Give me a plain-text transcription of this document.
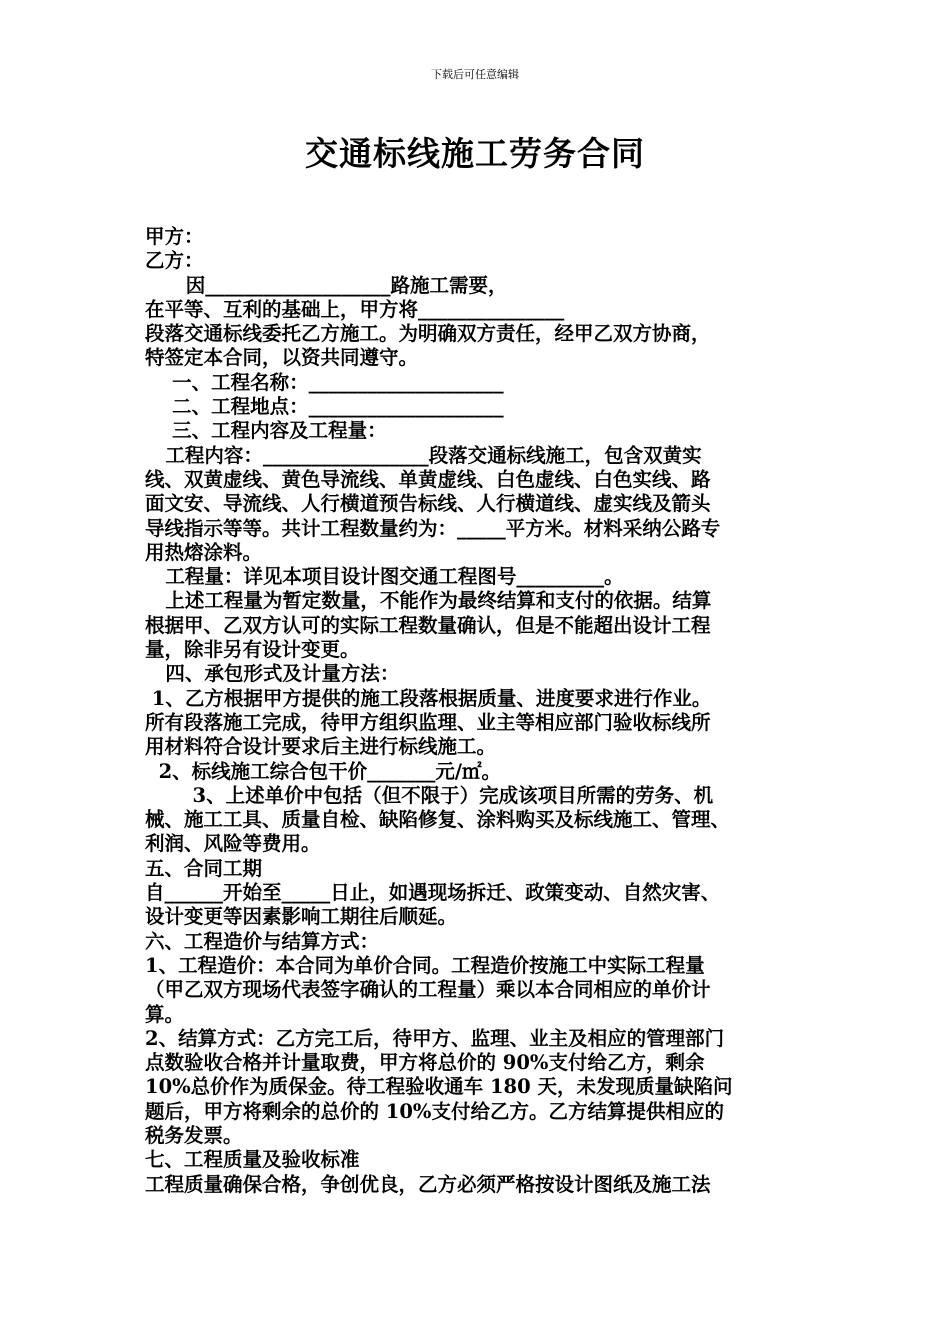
下载后可任意编辑
交通标线施工劳务合同

甲方：

乙方：

因___________________路施工需要，

在平等、互利的基础上，甲方将_______________

段落交通标线委托乙方施工。为明确双方责任，经甲乙双方协商，

特签定本合同，以资共同遵守。

一、工程名称：____________________

二、工程地点：____________________

三、工程内容及工程量：

工程内容：_________________段落交通标线施工，包含双黄实

线、双黄虚线、黄色导流线、单黄虚线、白色虚线、白色实线、路

面文安、导流线、人行横道预告标线、人行横道线、虚实线及箭头

导线指示等等。共计工程数量约为：_____平方米。材料采纳公路专

用热熔涂料。

工程量：详见本项目设计图交通工程图号_________。

上述工程量为暂定数量，不能作为最终结算和支付的依据。结算

根据甲、乙双方认可的实际工程数量确认，但是不能超出设计工程

量，除非另有设计变更。

四、承包形式及计量方法：

1、乙方根据甲方提供的施工段落根据质量、进度要求进行作业。

所有段落施工完成，待甲方组织监理、业主等相应部门验收标线所

用材料符合设计要求后主进行标线施工。

2、标线施工综合包干价_______元/㎡。

3、上述单价中包括（但不限于）完成该项目所需的劳务、机

械、施工工具、质量自检、缺陷修复、涂料购买及标线施工、管理、

利润、风险等费用。

五、合同工期

自______开始至_____日止，如遇现场拆迁、政策变动、自然灾害、

设计变更等因素影响工期往后顺延。

六、工程造价与结算方式：

1、工程造价：本合同为单价合同。工程造价按施工中实际工程量

（甲乙双方现场代表签字确认的工程量）乘以本合同相应的单价计

算。

2、结算方式：乙方完工后，待甲方、监理、业主及相应的管理部门

点数验收合格并计量取费，甲方将总价的 90%支付给乙方，剩余

10%总价作为质保金。待工程验收通车 180 天，未发现质量缺陷问

题后，甲方将剩余的总价的 10%支付给乙方。乙方结算提供相应的

税务发票。

七、工程质量及验收标准

工程质量确保合格，争创优良，乙方必须严格按设计图纸及施工法
